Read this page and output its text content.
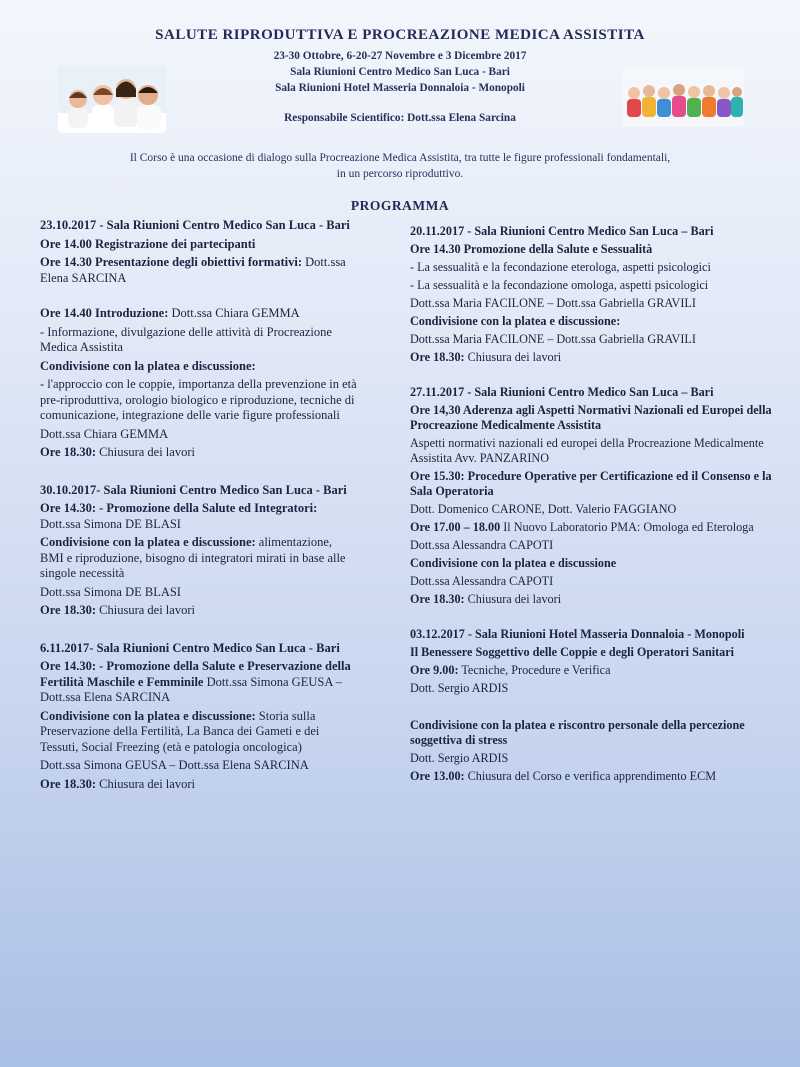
SALUTE RIPRODUTTIVA E PROCREAZIONE MEDICA ASSISTITA
23-30 Ottobre, 6-20-27 Novembre e 3 Dicembre 2017
Sala Riunioni Centro Medico San Luca - Bari
Sala Riunioni Hotel Masseria Donnaloia - Monopoli
Responsabile Scientifico: Dott.ssa Elena Sarcina
Il Corso è una occasione di dialogo sulla Procreazione Medica Assistita, tra tutte le figure professionali fondamentali,
in un percorso riproduttivo.
PROGRAMMA
23.10.2017 - Sala Riunioni Centro Medico San Luca - Bari
Ore 14.00 Registrazione dei partecipanti
Ore 14.30 Presentazione degli obiettivi formativi: Dott.ssa Elena SARCINA
Ore 14.40 Introduzione: Dott.ssa Chiara GEMMA
- Informazione, divulgazione delle attività di Procreazione Medica Assistita
Condivisione con la platea e discussione:
- l'approccio con le coppie, importanza della prevenzione in età pre-riproduttiva, orologio biologico e riproduzione, tecniche di comunicazione, integrazione delle varie figure professionali
Dott.ssa Chiara GEMMA
Ore 18.30: Chiusura dei lavori
30.10.2017- Sala Riunioni Centro Medico San Luca - Bari
Ore 14.30: - Promozione della Salute ed Integratori: Dott.ssa Simona DE BLASI
Condivisione con la platea e discussione: alimentazione, BMI e riproduzione, bisogno di integratori mirati in base alle singole necessità
Dott.ssa Simona DE BLASI
Ore 18.30: Chiusura dei lavori
6.11.2017- Sala Riunioni Centro Medico San Luca - Bari
Ore 14.30: - Promozione della Salute e Preservazione della Fertilità Maschile e Femminile Dott.ssa Simona GEUSA – Dott.ssa Elena SARCINA
Condivisione con la platea e discussione: Storia sulla Preservazione della Fertilità, La Banca dei Gameti e dei Tessuti, Social Freezing (età e patologia oncologica)
Dott.ssa Simona GEUSA – Dott.ssa Elena SARCINA
Ore 18.30: Chiusura dei lavori
20.11.2017 - Sala Riunioni Centro Medico San Luca – Bari
Ore 14.30 Promozione della Salute e Sessualità
- La sessualità e la fecondazione eterologa, aspetti psicologici
- La sessualità e la fecondazione omologa, aspetti psicologici
Dott.ssa Maria FACILONE – Dott.ssa Gabriella GRAVILI
Condivisione con la platea e discussione:
Dott.ssa Maria FACILONE – Dott.ssa Gabriella GRAVILI
Ore 18.30: Chiusura dei lavori
27.11.2017 - Sala Riunioni Centro Medico San Luca – Bari
Ore 14,30 Aderenza agli Aspetti Normativi Nazionali ed Europei della Procreazione Medicalmente Assistita
Aspetti normativi nazionali ed europei della Procreazione Medicalmente Assistita Avv. PANZARINO
Ore 15.30: Procedure Operative per Certificazione ed il Consenso e la Sala Operatoria
Dott. Domenico CARONE, Dott. Valerio FAGGIANO
Ore 17.00 – 18.00 Il Nuovo Laboratorio PMA: Omologa ed Eterologa
Dott.ssa Alessandra CAPOTI
Condivisione con la platea e discussione
Dott.ssa Alessandra CAPOTI
Ore 18.30: Chiusura dei lavori
03.12.2017 - Sala Riunioni Hotel Masseria Donnaloia - Monopoli
Il Benessere Soggettivo delle Coppie e degli Operatori Sanitari
Ore 9.00: Tecniche, Procedure e Verifica
Dott. Sergio ARDIS
Condivisione con la platea e riscontro personale della percezione soggettiva di stress
Dott. Sergio ARDIS
Ore 13.00: Chiusura del Corso e verifica apprendimento ECM
